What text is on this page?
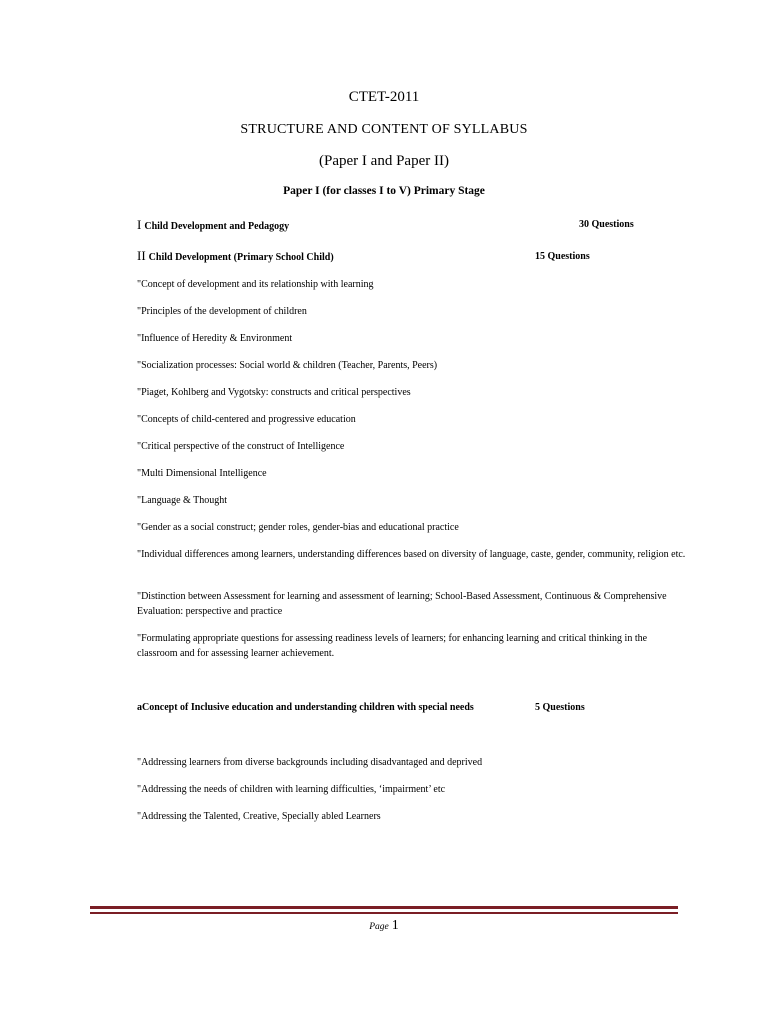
CTET-2011
STRUCTURE AND CONTENT OF SYLLABUS
(Paper I and Paper II)
Paper I (for classes I to V) Primary Stage
I Child Development and Pedagogy	30 Questions
II Child Development (Primary School Child)	15 Questions
"Concept of development and its relationship with learning
"Principles of the development of children
"Influence of Heredity & Environment
"Socialization processes: Social world & children (Teacher, Parents, Peers)
"Piaget, Kohlberg and Vygotsky: constructs and critical perspectives
"Concepts of child-centered and progressive education
"Critical perspective of the construct of Intelligence
"Multi Dimensional Intelligence
"Language & Thought
"Gender as a social construct; gender roles, gender-bias and educational practice
"Individual differences among learners, understanding differences based on diversity of language, caste, gender, community, religion etc.
"Distinction between Assessment for learning and assessment of learning; School-Based Assessment, Continuous & Comprehensive Evaluation: perspective and practice
"Formulating appropriate questions for assessing readiness levels of learners; for enhancing learning and critical thinking in the classroom and for assessing learner achievement.
aConcept of Inclusive education and understanding children with special needs	5 Questions
"Addressing learners from diverse backgrounds including disadvantaged and deprived
"Addressing the needs of children with learning difficulties, ‘impairment’ etc
"Addressing the Talented, Creative, Specially abled Learners
Page 1
